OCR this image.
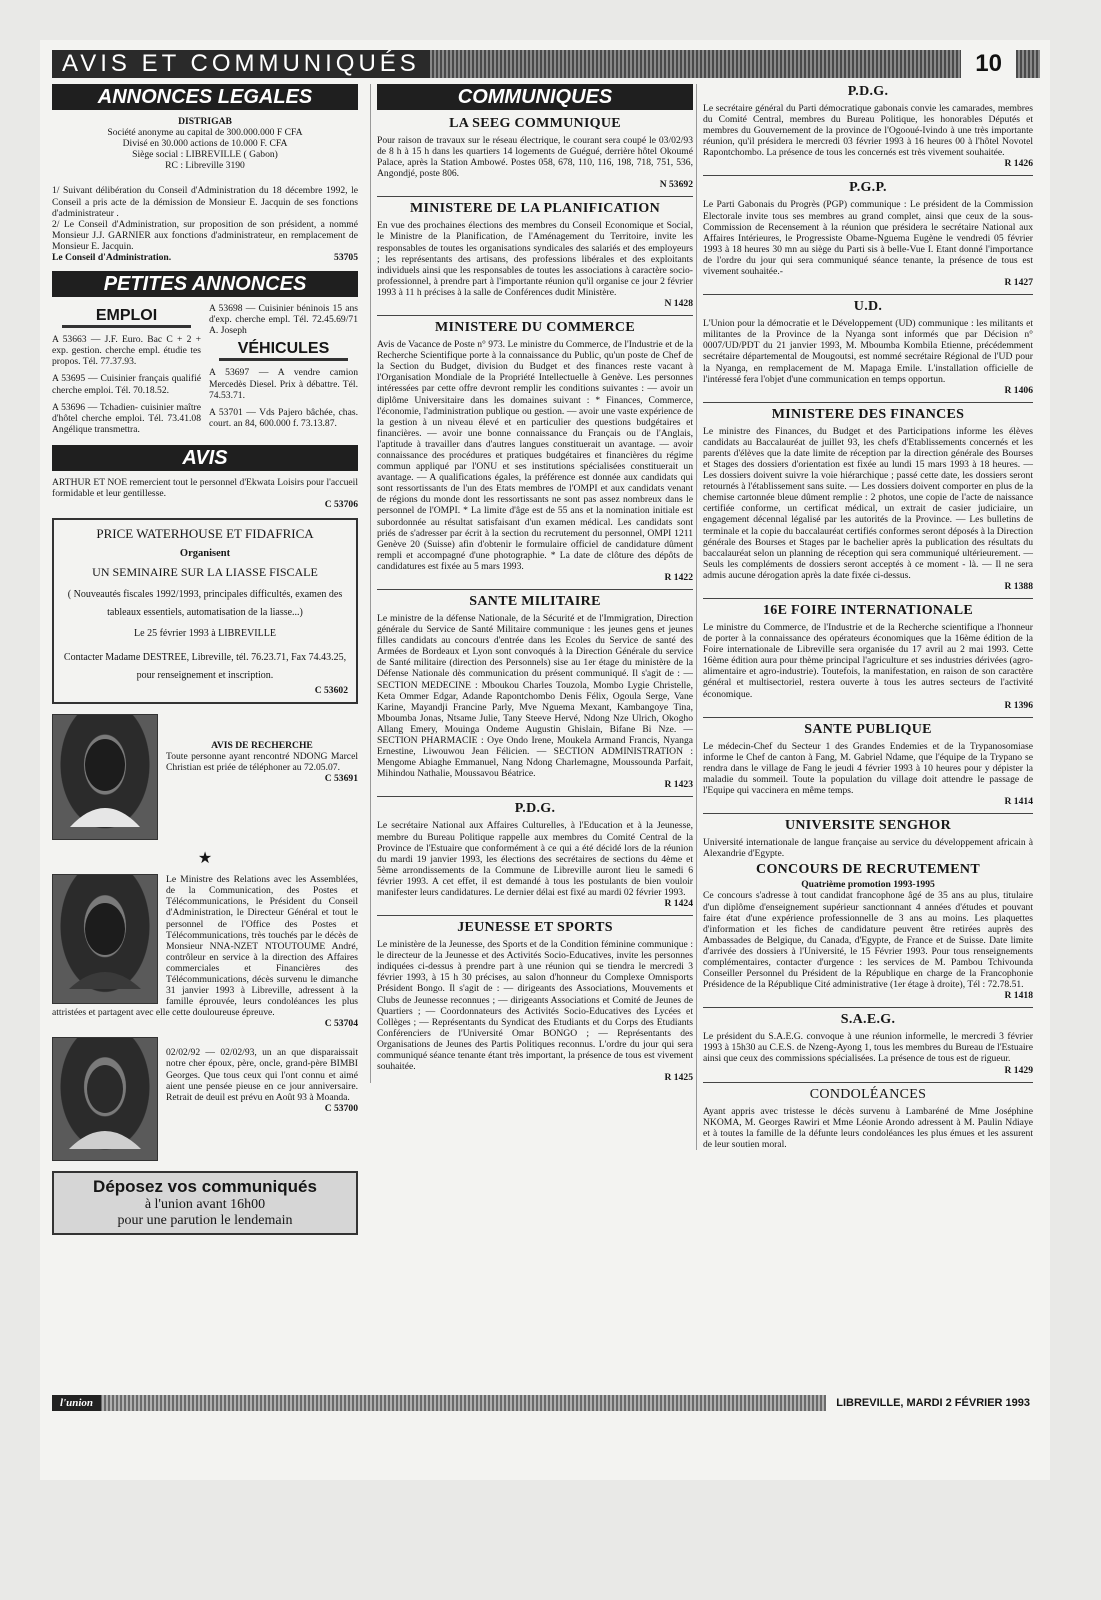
AVIS ET COMMUNIQUÉS	10
ANNONCES LEGALES
DISTRIGAB
Société anonyme au capital de 300.000.000 F CFA
Divisé en 30.000 actions de 10.000 F. CFA
Siège social : LIBREVILLE ( Gabon)
RC : Libreville 3190

1/ Suivant délibération du Conseil d'Administration du 18 décembre 1992, le Conseil a pris acte de la démission de Monsieur E. Jacquin de ses fonctions d'administrateur .

2/ Le Conseil d'Administration, sur proposition de son président, a nommé Monsieur J.J. GARNIER aux fonctions d'administrateur, en remplacement de Monsieur E. Jacquin.

Le Conseil d'Administration.	53705
PETITES ANNONCES
EMPLOI

A 53663 — J.F. Euro. Bac C + 2 + exp. gestion. cherche empl. étudie tes propos. Tél. 77.37.93.

A 53695 — Cuisinier français qualifié cherche emploi. Tél. 70.18.52.

A 53696 — Tchadien- cuisinier maître d'hôtel cherche emploi. Tél. 73.41.08 Angélique transmettra.

A 53698 — Cuisinier béninois 15 ans d'exp. cherche empl. Tél. 72.45.69/71 A. Joseph

VÉHICULES

A 53697 — A vendre camion Mercedès Diesel. Prix à débattre. Tél. 74.53.71.

A 53701 — Vds Pajero bâchée, chas. court. an 84, 600.000 f. 73.13.87.

AVIS

ARTHUR ET NOE remercient tout le personnel d'Ekwata Loisirs pour l'accueil formidable et leur gentillesse.

C 53706
PRICE WATERHOUSE ET FIDAFRICA
Organisent
UN SEMINAIRE SUR LA LIASSE FISCALE
( Nouveautés fiscales 1992/1993, principales difficultés, examen des tableaux essentiels, automatisation de la liasse...)
Le 25 février 1993 à LIBREVILLE
Contacter Madame DESTREE, Libreville, tél. 76.23.71, Fax 74.43.25, pour renseignement et inscription.
C 53602
AVIS DE RECHERCHE

Toute personne ayant rencontré NDONG Marcel Christian est priée de téléphoner au 72.05.07.

C 53691
★

Le Ministre des Relations avec les Assemblées, de la Communication, des Postes et Télécommunications, le Président du Conseil d'Administration, le Directeur Général et tout le personnel de l'Office des Postes et Télécommunications, très touchés par le décès de Monsieur NNA-NZET NTOUTOUME André, contrôleur en service à la direction des Affaires commerciales et Financières des Télécommunications, décès survenu le dimanche 31 janvier 1993 à Libreville, adressent à la famille éprouvée, leurs condoléances les plus attristées et partagent avec elle cette douloureuse épreuve.

C 53704

02/02/92 — 02/02/93, un an que disparaissait notre cher époux, père, oncle, grand-père BIMBI Georges. Que tous ceux qui l'ont connu et aimé aient une pensée pieuse en ce jour anniversaire. Retrait de deuil est prévu en Août 93 à Moanda.

C 53700
Déposez vos communiqués
à l'union avant 16h00
pour une parution le lendemain
COMMUNIQUES
LA SEEG COMMUNIQUE

Pour raison de travaux sur le réseau électrique, le courant sera coupé le 03/02/93 de 8 h à 15 h dans les quartiers 14 logements de Guégué, derrière hôtel Okoumé Palace, après la Station Ambowé. Postes 058, 678, 110, 116, 198, 718, 751, 536, Angondjé, poste 806.

N 53692
MINISTERE DE LA PLANIFICATION

En vue des prochaines élections des membres du Conseil Economique et Social, le Ministre de la Planification, de l'Aménagement du Territoire, invite les responsables de toutes les organisations syndicales des salariés et des employeurs ; les représentants des artisans, des professions libérales et des exploitants individuels ainsi que les responsables de toutes les associations à caractère socio-professionnel, à prendre part à l'importante réunion qu'il organise ce jour 2 février 1993 à 11 h précises à la salle de Conférences dudit Ministère.

N 1428
MINISTERE DU COMMERCE

Avis de Vacance de Poste n° 973. Le ministre du Commerce, de l'Industrie et de la Recherche Scientifique porte à la connaissance du Public, qu'un poste de Chef de la Section du Budget, division du Budget et des finances reste vacant à l'Organisation Mondiale de la Propriété Intellectuelle à Genève. Les personnes intéressées par cette offre devront remplir les conditions suivantes : — avoir un diplôme Universitaire dans les domaines suivant : * Finances, Commerce, l'économie, l'administration publique ou gestion. — avoir une vaste expérience de la gestion à un niveau élevé et en particulier des questions budgétaires et financières. — avoir une bonne connaissance du Français ou de l'Anglais, l'aptitude à travailler dans d'autres langues constituerait un avantage. — avoir connaissance des procédures et pratiques budgétaires et financières du régime commun appliqué par l'ONU et ses institutions spécialisées constituerait un avantage. — A qualifications égales, la préférence est donnée aux candidats qui sont ressortissants de l'un des Etats membres de l'OMPI et aux candidats venant de régions du monde dont les ressortissants ne sont pas assez nombreux dans le personnel de l'OMPI. * La limite d'âge est de 55 ans et la nomination initiale est subordonnée au résultat satisfaisant d'un examen médical. Les candidats sont priés de s'adresser par écrit à la section du recrutement du personnel, OMPI 1211 Genève 20 (Suisse) afin d'obtenir le formulaire officiel de candidature dûment rempli et accompagné d'une photographie. * La date de clôture des dépôts de candidatures est fixée au 5 mars 1993.

R 1422
SANTE MILITAIRE

Le ministre de la défense Nationale, de la Sécurité et de l'Immigration, Direction générale du Service de Santé Militaire communique : les jeunes gens et jeunes filles candidats au concours d'entrée dans les Ecoles du Service de santé des Armées de Bordeaux et Lyon sont convoqués à la Direction Générale du service de Santé militaire (direction des Personnels) sise au 1er étage du ministère de la Défense Nationale dès communication du présent communiqué. Il s'agit de : — SECTION MEDECINE : Mboukou Charles Touzola, Mombo Lygie Christelle, Keta Ommer Edgar, Adande Rapontchombo Denis Félix, Ogoula Serge, Vane Karine, Mayandji Francine Parly, Mve Nguema Mexant, Kambangoye Tina, Mboumba Jonas, Ntsame Julie, Tany Steeve Hervé, Ndong Nze Ulrich, Okogho Allang Emery, Mouinga Ondeme Augustin Ghislain, Bifane Bi Nze. — SECTION PHARMACIE : Oye Ondo Irene, Moukela Armand Francis, Nyanga Ernestine, Liwouwou Jean Félicien. — SECTION ADMINISTRATION : Mengome Abiaghe Emmanuel, Nang Ndong Charlemagne, Moussounda Parfait, Mihindou Nathalie, Moussavou Béatrice.

R 1423
P.D.G.

Le secrétaire National aux Affaires Culturelles, à l'Education et à la Jeunesse, membre du Bureau Politique rappelle aux membres du Comité Central de la Province de l'Estuaire que conformément à ce qui a été décidé lors de la réunion du mardi 19 janvier 1993, les élections des secrétaires de sections du 4ème et 5ème arrondissements de la Commune de Libreville auront lieu le samedi 6 février 1993. A cet effet, il est demandé à tous les postulants de bien vouloir manifester leurs candidatures. Le dernier délai est fixé au mardi 02 février 1993.

R 1424
JEUNESSE ET SPORTS

Le ministère de la Jeunesse, des Sports et de la Condition féminine communique : le directeur de la Jeunesse et des Activités Socio-Educatives, invite les personnes indiquées ci-dessus à prendre part à une réunion qui se tiendra le mercredi 3 février 1993, à 15 h 30 précises, au salon d'honneur du Complexe Omnisports Président Bongo. Il s'agit de : — dirigeants des Associations, Mouvements et Clubs de Jeunesse reconnues ; — dirigeants Associations et Comité de Jeunes de Quartiers ; — Coordonnateurs des Activités Socio-Educatives des Lycées et Collèges ; — Représentants du Syndicat des Etudiants et du Corps des Etudiants Conférenciers de l'Université Omar BONGO ; — Représentants des Organisations de Jeunes des Partis Politiques reconnus. L'ordre du jour qui sera communiqué séance tenante étant très important, la présence de tous est vivement souhaitée.

R 1425
P.D.G.

Le secrétaire général du Parti démocratique gabonais convie les camarades, membres du Comité Central, membres du Bureau Politique, les honorables Députés et membres du Gouvernement de la province de l'Ogooué-Ivindo à une très importante réunion, qu'il présidera le mercredi 03 février 1993 à 16 heures 00 à l'hôtel Novotel Rapontchombo. La présence de tous les concernés est très vivement souhaitée.

R 1426
P.G.P.

Le Parti Gabonais du Progrès (PGP) communique : Le président de la Commission Electorale invite tous ses membres au grand complet, ainsi que ceux de la sous-Commission de Recensement à la réunion que présidera le secrétaire National aux Affaires Intérieures, le Progressiste Obame-Nguema Eugène le vendredi 05 février 1993 à 18 heures 30 mn au siège du Parti sis à belle-Vue I. Etant donné l'importance de l'ordre du jour qui sera communiqué séance tenante, la présence de tous est vivement souhaitée.-

R 1427
U.D.

L'Union pour la démocratie et le Développement (UD) communique : les militants et militantes de la Province de la Nyanga sont informés que par Décision n° 0007/UD/PDT du 21 janvier 1993, M. Mboumba Kombila Etienne, précédemment secrétaire départemental de Mougoutsi, est nommé secrétaire Régional de l'UD pour la Nyanga, en remplacement de M. Mapaga Emile. L'installation officielle de l'intéressé fera l'objet d'une communication en temps opportun.

R 1406
MINISTERE DES FINANCES

Le ministre des Finances, du Budget et des Participations informe les élèves candidats au Baccalauréat de juillet 93, les chefs d'Etablissements concernés et les parents d'élèves que la date limite de réception par la direction générale des Bourses et Stages des dossiers d'orientation est fixée au lundi 15 mars 1993 à 18 heures. — Les dossiers doivent suivre la voie hiérarchique ; passé cette date, les dossiers seront retournés à l'établissement sans suite. — Les dossiers doivent comporter en plus de la chemise cartonnée bleue dûment remplie : 2 photos, une copie de l'acte de naissance certifiée conforme, un certificat médical, un extrait de casier judiciaire, un engagement décennal légalisé par les autorités de la Province. — Les bulletins de terminale et la copie du baccalauréat certifiés conformes seront déposés à la Direction générale des Bourses et Stages par le bachelier après la publication des résultats du baccalauréat selon un planning de réception qui sera communiqué ultérieurement. — Seuls les compléments de dossiers seront acceptés à ce moment - là. — Il ne sera admis aucune dérogation après la date fixée ci-dessus.

R 1388
16E FOIRE INTERNATIONALE

Le ministre du Commerce, de l'Industrie et de la Recherche scientifique a l'honneur de porter à la connaissance des opérateurs économiques que la 16ème édition de la Foire internationale de Libreville sera organisée du 17 avril au 2 mai 1993. Cette 16ème édition aura pour thème principal l'agriculture et ses industries dérivées (agro-alimentaire et agro-industrie). Toutefois, la manifestation, en raison de son caractère général et multisectoriel, restera ouverte à tous les autres secteurs de l'activité économique.

R 1396
SANTE PUBLIQUE

Le médecin-Chef du Secteur 1 des Grandes Endemies et de la Trypanosomiase informe le Chef de canton à Fang, M. Gabriel Ndame, que l'équipe de la Trypano se rendra dans le village de Fang le jeudi 4 février 1993 à 10 heures pour y dépister la maladie du sommeil. Toute la population du village doit attendre le passage de l'Equipe qui vaccinera en même temps.

R 1414
UNIVERSITE SENGHOR

Université internationale de langue française au service du développement africain à Alexandrie d'Egypte.

CONCOURS DE RECRUTEMENT
Quatrième promotion 1993-1995

Ce concours s'adresse à tout candidat francophone âgé de 35 ans au plus, titulaire d'un diplôme d'enseignement supérieur sanctionnant 4 années d'études et pouvant faire état d'une expérience professionnelle de 3 ans au moins. Les plaquettes d'information et les fiches de candidature peuvent être retirées auprès des Ambassades de Belgique, du Canada, d'Egypte, de France et de Suisse. Date limite d'arrivée des dossiers à l'Université, le 15 Février 1993. Pour tous renseignements complémentaires, contacter d'urgence : les services de M. Pambou Tchivounda Conseiller Personnel du Président de la République en charge de la Francophonie Présidence de la République Cité administrative (1er étage à droite), Tél : 72.78.51.

R 1418
S.A.E.G.

Le président du S.A.E.G. convoque à une réunion informelle, le mercredi 3 février 1993 à 15h30 au C.E.S. de Nzeng-Ayong 1, tous les membres du Bureau de l'Estuaire ainsi que ceux des commissions spécialisées. La présence de tous est de rigueur.

R 1429
CONDOLÉANCES

Ayant appris avec tristesse le décès survenu à Lambaréné de Mme Joséphine NKOMA, M. Georges Rawiri et Mme Léonie Arondo adressent à M. Paulin Ndiaye et à toutes la famille de la défunte leurs condoléances les plus émues et les assurent de leur soutien moral.

l'union	LIBREVILLE, MARDI 2 FÉVRIER 1993
